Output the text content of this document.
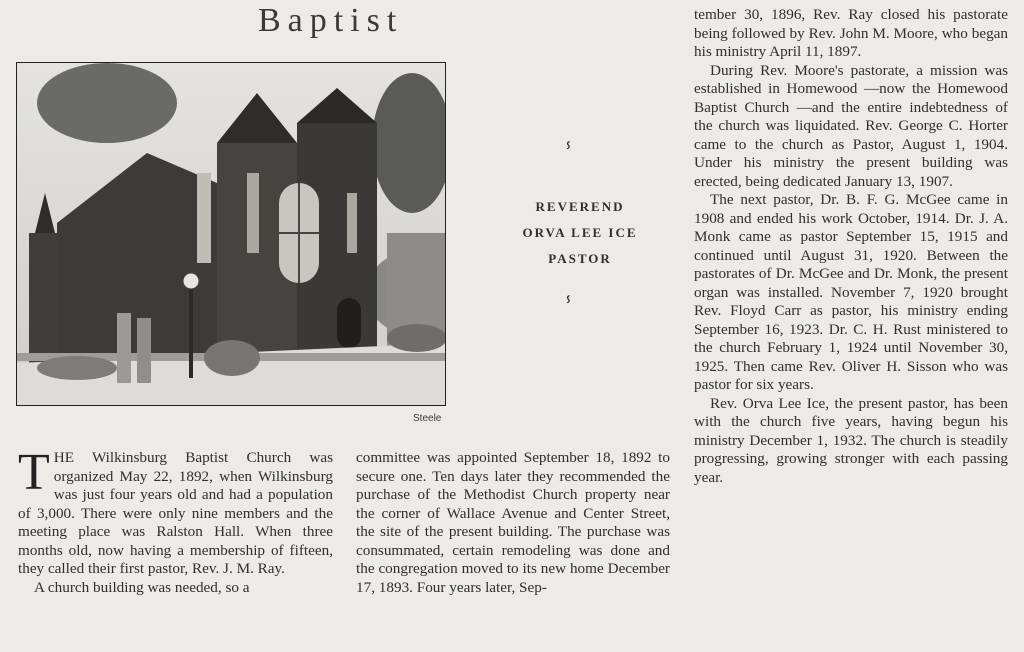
Baptist
Steele
ⸯ
REVEREND
ORVA LEE ICE
PASTOR
ⸯ

THE Wilkinsburg Baptist Church was organized May 22, 1892, when Wilkinsburg was just four years old and had a population of 3,000. There were only nine members and the meeting place was Ralston Hall. When three months old, now having a membership of fifteen, they called their first pastor, Rev. J. M. Ray.

A church building was needed, so a

committee was appointed September 18, 1892 to secure one. Ten days later they recommended the purchase of the Methodist Church property near the corner of Wallace Avenue and Center Street, the site of the present building. The purchase was consummated, certain remodeling was done and the congregation moved to its new home December 17, 1893. Four years later, Sep-

tember 30, 1896, Rev. Ray closed his pastorate being followed by Rev. John M. Moore, who began his ministry April 11, 1897.

During Rev. Moore's pastorate, a mission was established in Homewood —now the Homewood Baptist Church —and the entire indebtedness of the church was liquidated. Rev. George C. Horter came to the church as Pastor, August 1, 1904. Under his ministry the present building was erected, being dedicated January 13, 1907.

The next pastor, Dr. B. F. G. McGee came in 1908 and ended his work October, 1914. Dr. J. A. Monk came as pastor September 15, 1915 and continued until August 31, 1920. Between the pastorates of Dr. McGee and Dr. Monk, the present organ was installed. November 7, 1920 brought Rev. Floyd Carr as pastor, his ministry ending September 16, 1923. Dr. C. H. Rust ministered to the church February 1, 1924 until November 30, 1925. Then came Rev. Oliver H. Sisson who was pastor for six years.

Rev. Orva Lee Ice, the present pastor, has been with the church five years, having begun his ministry December 1, 1932. The church is steadily progressing, growing stronger with each passing year.
